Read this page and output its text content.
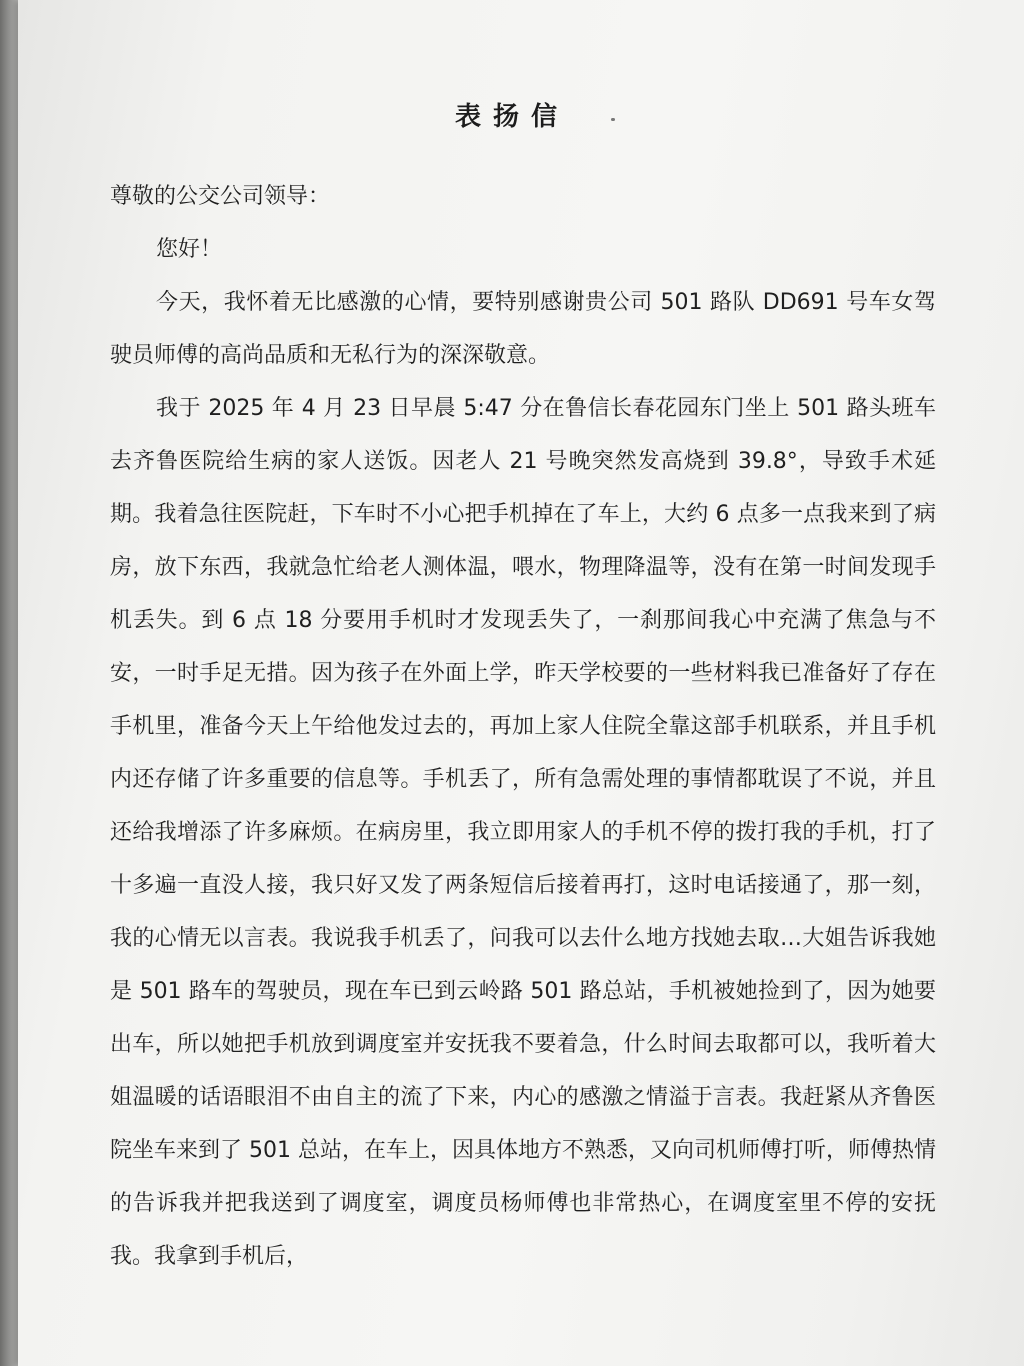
表扬信

尊敬的公交公司领导：

您好！

今天，我怀着无比感激的心情，要特别感谢贵公司 501 路队 DD691 号车女驾驶员师傅的高尚品质和无私行为的深深敬意。

我于 2025 年 4 月 23 日早晨 5:47 分在鲁信长春花园东门坐上 501 路头班车去齐鲁医院给生病的家人送饭。因老人 21 号晚突然发高烧到 39.8°，导致手术延期。我着急往医院赶，下车时不小心把手机掉在了车上，大约 6 点多一点我来到了病房，放下东西，我就急忙给老人测体温，喂水，物理降温等，没有在第一时间发现手机丢失。到 6 点 18 分要用手机时才发现丢失了，一刹那间我心中充满了焦急与不安，一时手足无措。因为孩子在外面上学，昨天学校要的一些材料我已准备好了存在手机里，准备今天上午给他发过去的，再加上家人住院全靠这部手机联系，并且手机内还存储了许多重要的信息等。手机丢了，所有急需处理的事情都耽误了不说，并且还给我增添了许多麻烦。在病房里，我立即用家人的手机不停的拨打我的手机，打了十多遍一直没人接，我只好又发了两条短信后接着再打，这时电话接通了，那一刻，我的心情无以言表。我说我手机丢了，问我可以去什么地方找她去取…大姐告诉我她是 501 路车的驾驶员，现在车已到云岭路 501 路总站，手机被她捡到了，因为她要出车，所以她把手机放到调度室并安抚我不要着急，什么时间去取都可以，我听着大姐温暖的话语眼泪不由自主的流了下来，内心的感激之情溢于言表。我赶紧从齐鲁医院坐车来到了 501 总站，在车上，因具体地方不熟悉，又向司机师傅打听，师傅热情的告诉我并把我送到了调度室，调度员杨师傅也非常热心，在调度室里不停的安抚我。我拿到手机后，
